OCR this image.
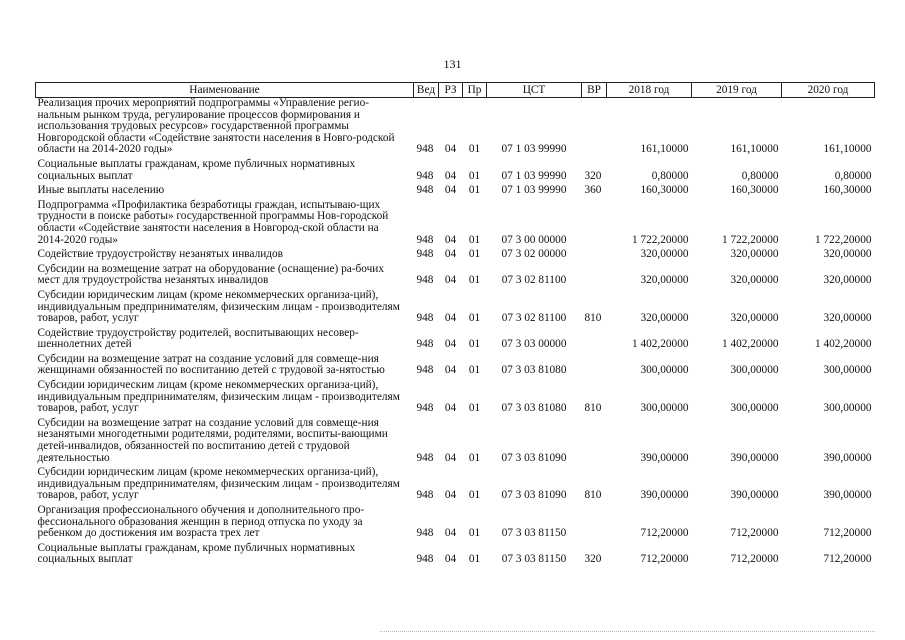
131
Наименование	Вед	РЗ	Пр	ЦСТ	ВР	2018 год	2019 год	2020 год
Реализация прочих мероприятий подпрограммы «Управление регио-нальным рынком труда, регулирование процессов формирования и использования трудовых ресурсов» государственной программы Новгородской области «Содействие занятости населения в Новго-родской области на 2014-2020 годы»	948	04	01	07 1 03 99990		161,10000	161,10000	161,10000
Социальные выплаты гражданам, кроме публичных нормативных социальных выплат	948	04	01	07 1 03 99990	320	0,80000	0,80000	0,80000
Иные выплаты населению	948	04	01	07 1 03 99990	360	160,30000	160,30000	160,30000
Подпрограмма «Профилактика безработицы граждан, испытываю-щих трудности в поиске работы» государственной программы Нов-городской области «Содействие занятости населения в Новгород-ской области на 2014-2020 годы»	948	04	01	07 3 00 00000		1 722,20000	1 722,20000	1 722,20000
Содействие трудоустройству незанятых инвалидов	948	04	01	07 3 02 00000		320,00000	320,00000	320,00000
Субсидии на возмещение затрат на оборудование (оснащение) ра-бочих мест для трудоустройства незанятых инвалидов	948	04	01	07 3 02 81100		320,00000	320,00000	320,00000
Субсидии юридическим лицам (кроме некоммерческих организа-ций), индивидуальным предпринимателям, физическим лицам - производителям товаров, работ, услуг	948	04	01	07 3 02 81100	810	320,00000	320,00000	320,00000
Содействие трудоустройству родителей, воспитывающих несовер-шеннолетних детей	948	04	01	07 3 03 00000		1 402,20000	1 402,20000	1 402,20000
Субсидии на возмещение затрат на создание условий для совмеще-ния женщинами обязанностей по воспитанию детей с трудовой за-нятостью	948	04	01	07 3 03 81080		300,00000	300,00000	300,00000
Субсидии юридическим лицам (кроме некоммерческих организа-ций), индивидуальным предпринимателям, физическим лицам - производителям товаров, работ, услуг	948	04	01	07 3 03 81080	810	300,00000	300,00000	300,00000
Субсидии на возмещение затрат на создание условий для совмеще-ния незанятыми многодетными родителями, родителями, воспиты-вающими детей-инвалидов, обязанностей по воспитанию детей с трудовой деятельностью	948	04	01	07 3 03 81090		390,00000	390,00000	390,00000
Субсидии юридическим лицам (кроме некоммерческих организа-ций), индивидуальным предпринимателям, физическим лицам - производителям товаров, работ, услуг	948	04	01	07 3 03 81090	810	390,00000	390,00000	390,00000
Организация профессионального обучения и дополнительного про-фессионального образования женщин в период отпуска по уходу за ребенком до достижения им возраста трех лет	948	04	01	07 3 03 81150		712,20000	712,20000	712,20000
Социальные выплаты гражданам, кроме публичных нормативных социальных выплат	948	04	01	07 3 03 81150	320	712,20000	712,20000	712,20000
